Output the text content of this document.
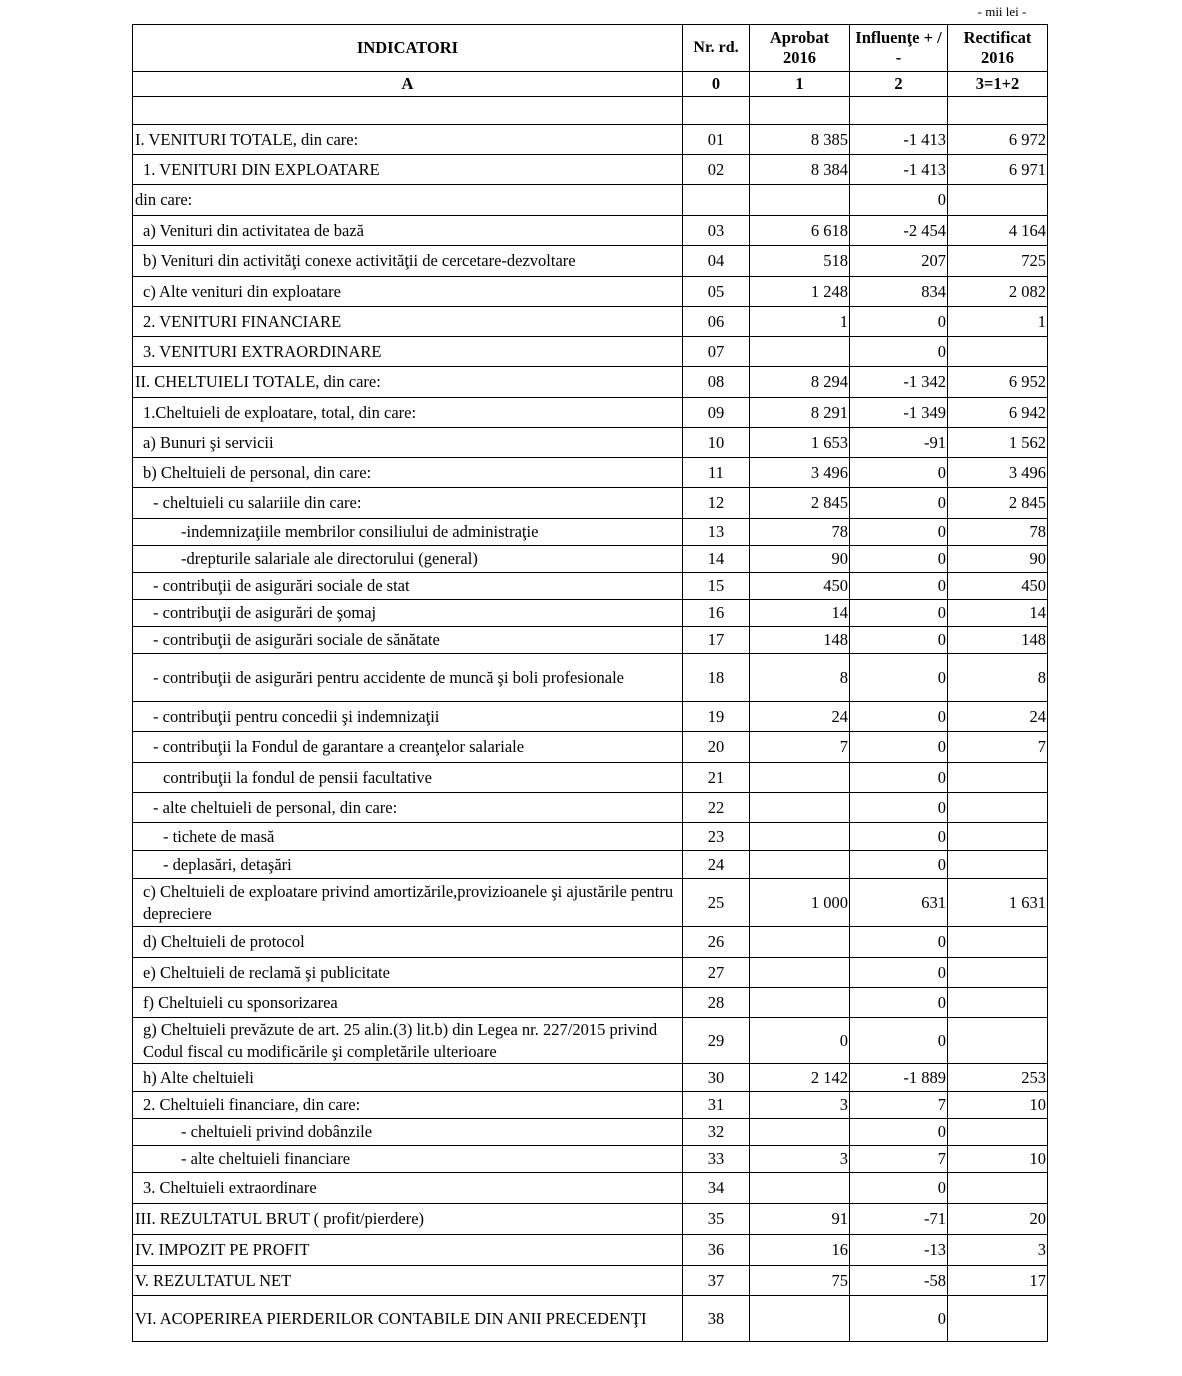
- mii lei -
INDICATORI	Nr. rd.	Aprobat 2016	Influenţe + / -	Rectificat 2016
A	0	1	2	3=1+2

I. VENITURI TOTALE, din care:	01	8 385	-1 413	6 972
1. VENITURI DIN EXPLOATARE	02	8 384	-1 413	6 971
din care:			0	
a) Venituri din activitatea de bază	03	6 618	-2 454	4 164
b) Venituri din activităţi conexe activităţii de cercetare-dezvoltare	04	518	207	725
c) Alte venituri din exploatare	05	1 248	834	2 082
2. VENITURI FINANCIARE	06	1	0	1
3. VENITURI EXTRAORDINARE	07		0	
II. CHELTUIELI TOTALE, din care:	08	8 294	-1 342	6 952
1.Cheltuieli de exploatare, total, din care:	09	8 291	-1 349	6 942
a) Bunuri şi servicii	10	1 653	-91	1 562
b) Cheltuieli de personal, din care:	11	3 496	0	3 496
- cheltuieli cu salariile din care:	12	2 845	0	2 845
-indemnizaţiile membrilor consiliului de administraţie	13	78	0	78
-drepturile salariale ale directorului (general)	14	90	0	90
- contribuţii de asigurări sociale de stat	15	450	0	450
- contribuţii de asigurări de şomaj	16	14	0	14
- contribuţii de asigurări sociale de sănătate	17	148	0	148
- contribuţii de asigurări pentru accidente de muncă şi boli profesionale	18	8	0	8
- contribuţii pentru concedii şi indemnizaţii	19	24	0	24
- contribuţii la Fondul de garantare a creanţelor salariale	20	7	0	7
contribuţii la fondul de pensii facultative	21		0	
- alte cheltuieli de personal, din care:	22		0	
- tichete de masă	23		0	
- deplasări, detaşări	24		0	
c) Cheltuieli de exploatare privind amortizările,provizioanele şi ajustările pentru depreciere	25	1 000	631	1 631
d) Cheltuieli de protocol	26		0	
e) Cheltuieli de reclamă şi publicitate	27		0	
f) Cheltuieli cu sponsorizarea	28		0	
g) Cheltuieli prevăzute de art. 25 alin.(3) lit.b) din Legea nr. 227/2015 privind Codul fiscal cu modificările şi completările ulterioare	29	0	0	
h) Alte cheltuieli	30	2 142	-1 889	253
2. Cheltuieli financiare, din care:	31	3	7	10
- cheltuieli privind dobânzile	32		0	
- alte cheltuieli financiare	33	3	7	10
3. Cheltuieli extraordinare	34		0	
III. REZULTATUL BRUT ( profit/pierdere)	35	91	-71	20
IV. IMPOZIT PE PROFIT	36	16	-13	3
V. REZULTATUL NET	37	75	-58	17
VI. ACOPERIREA PIERDERILOR CONTABILE DIN ANII PRECEDENŢI	38		0	
